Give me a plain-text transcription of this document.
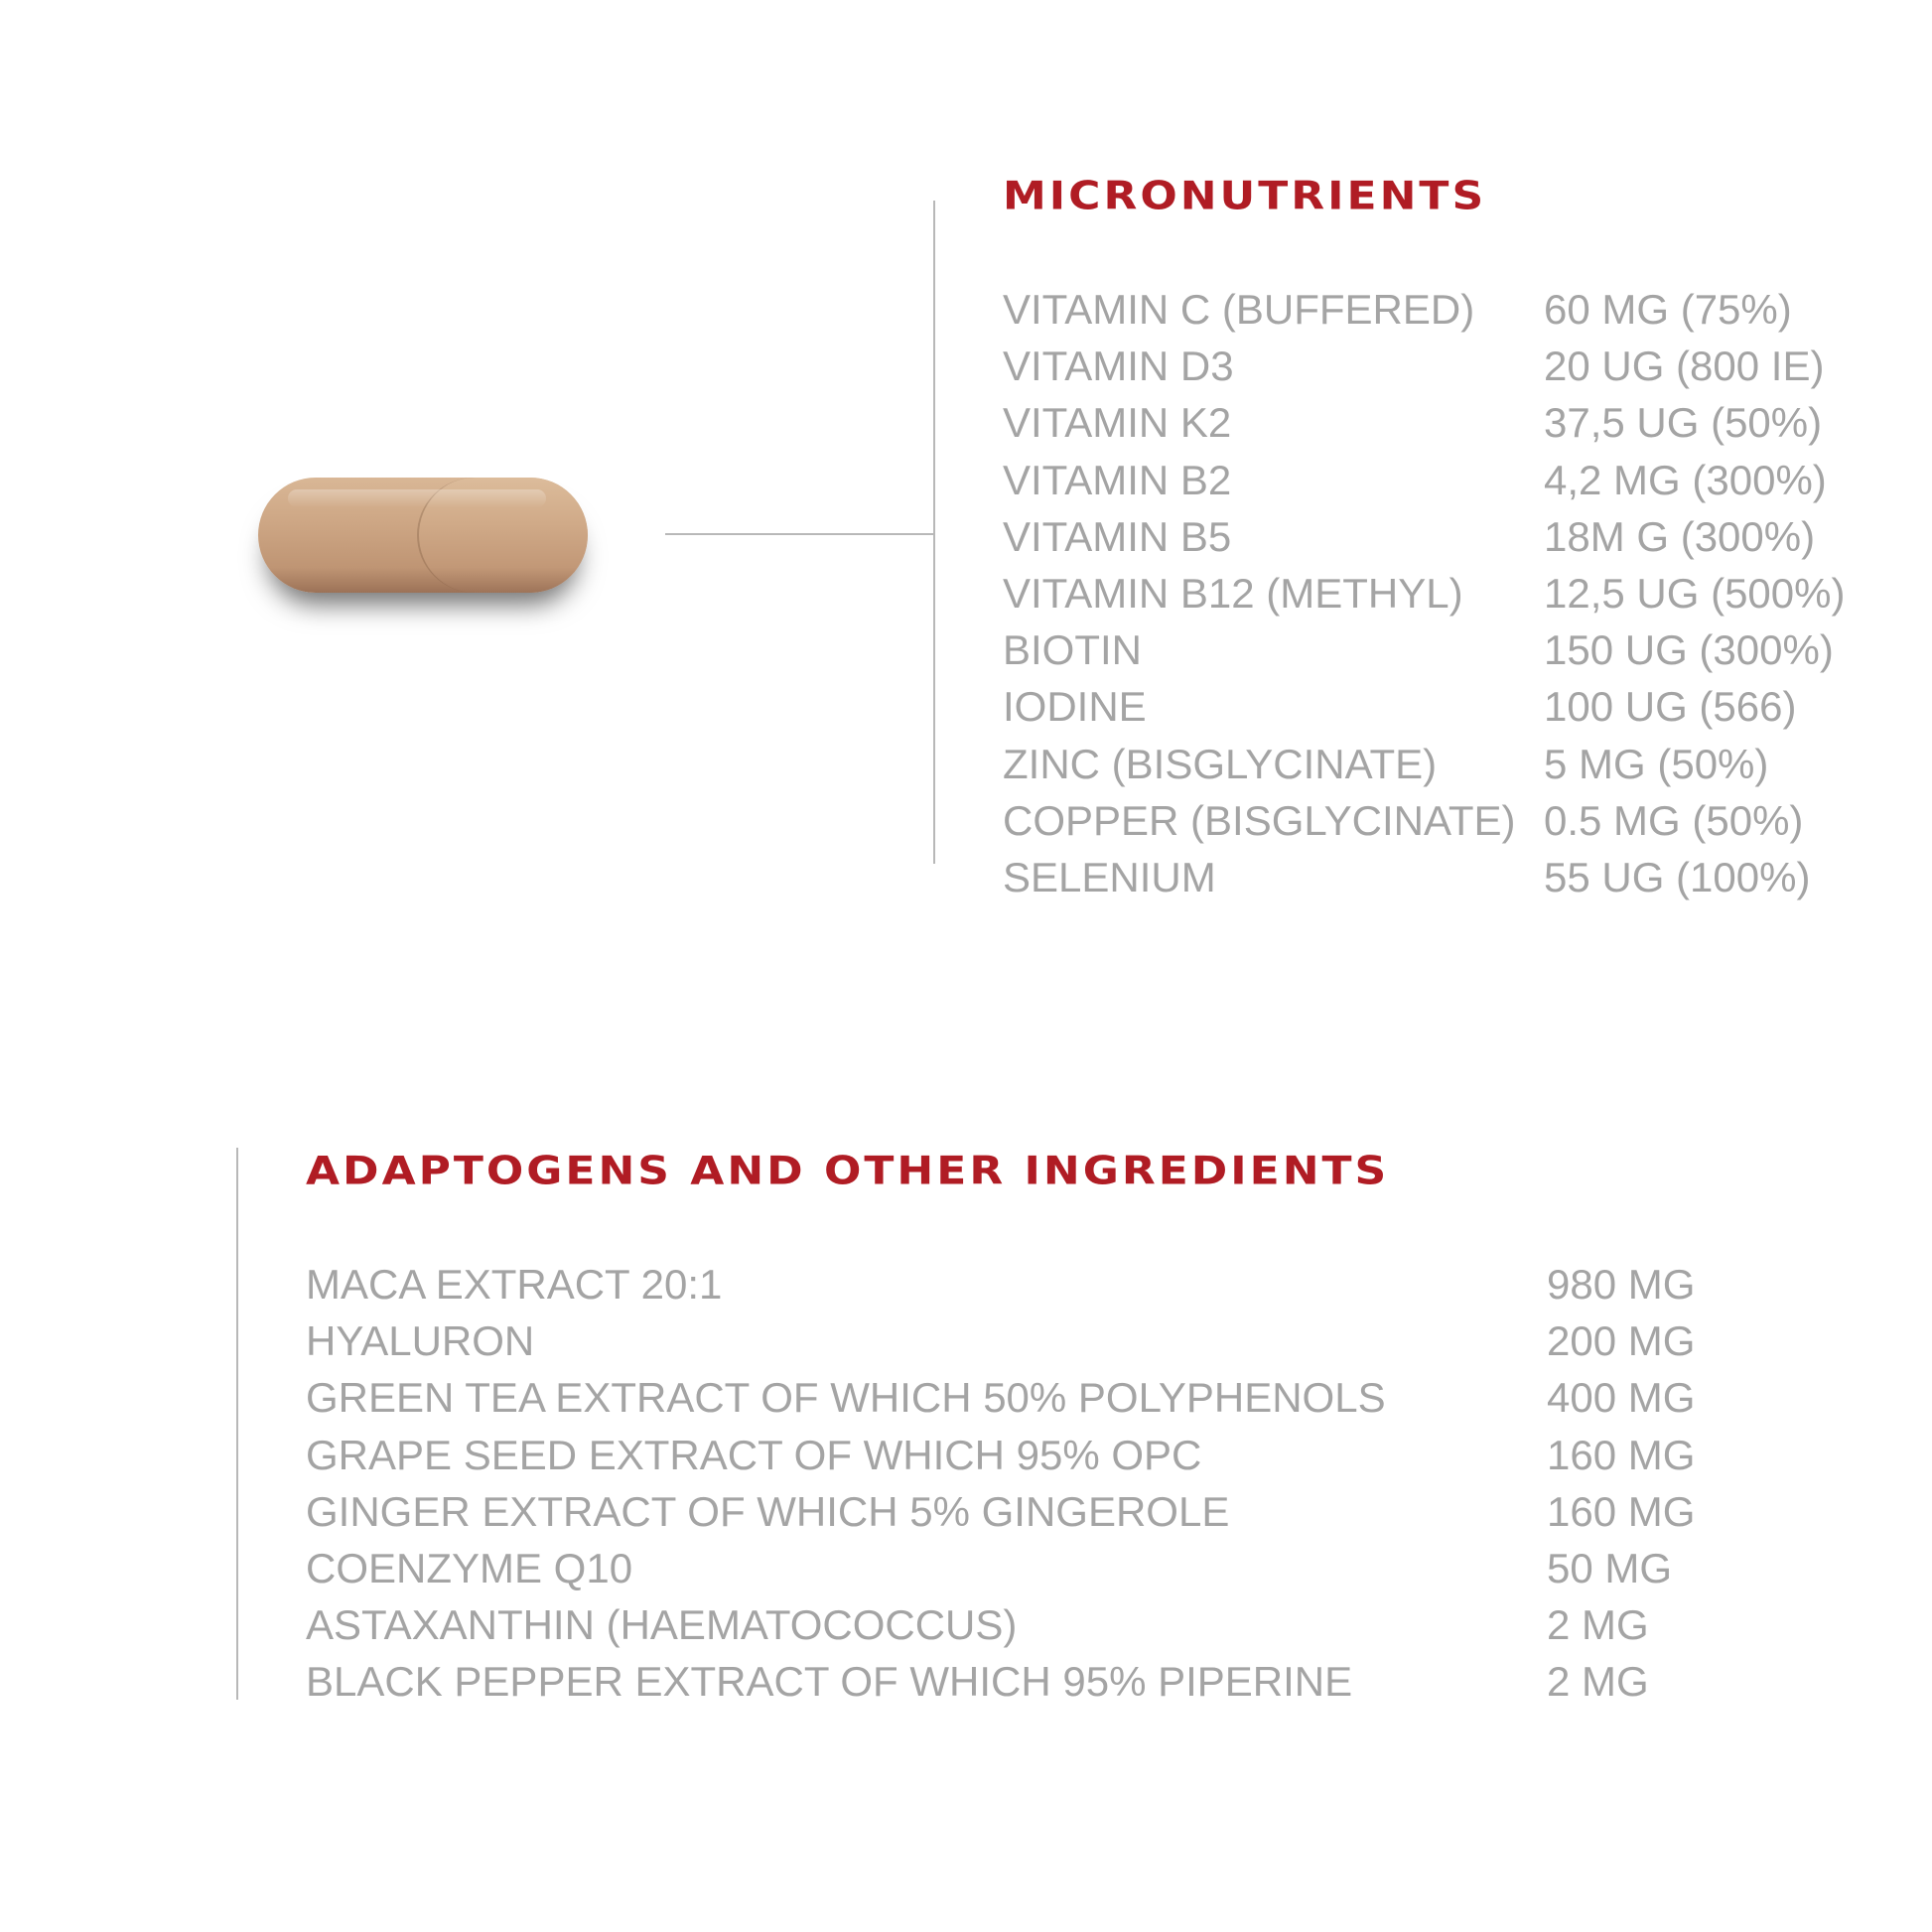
MICRONUTRIENTS
VITAMIN C (BUFFERED) 60 MG (75%)
VITAMIN D3	20 UG (800 IE)
VITAMIN K2	37,5 UG (50%)
VITAMIN B2	4,2 MG (300%)
VITAMIN B5	18M G (300%)
VITAMIN B12 (METHYL) 12,5 UG (500%)
BIOTIN	150 UG (300%)
IODINE	100 UG (566)
ZINC (BISGLYCINATE)	5 MG (50%)
COPPER (BISGLYCINATE) 0.5 MG (50%)
SELENIUM	55 UG (100%)
ADAPTOGENS AND OTHER INGREDIENTS
MACA EXTRACT 20:1	980 MG
HYALURON	200 MG
GREEN TEA EXTRACT OF WHICH 50% POLYPHENOLS	400 MG
GRAPE SEED EXTRACT OF WHICH 95% OPC	160 MG
GINGER EXTRACT OF WHICH 5% GINGEROLE	160 MG
COENZYME Q10	50 MG
ASTAXANTHIN (HAEMATOCOCCUS)	2 MG
BLACK PEPPER EXTRACT OF WHICH 95% PIPERINE	2 MG
